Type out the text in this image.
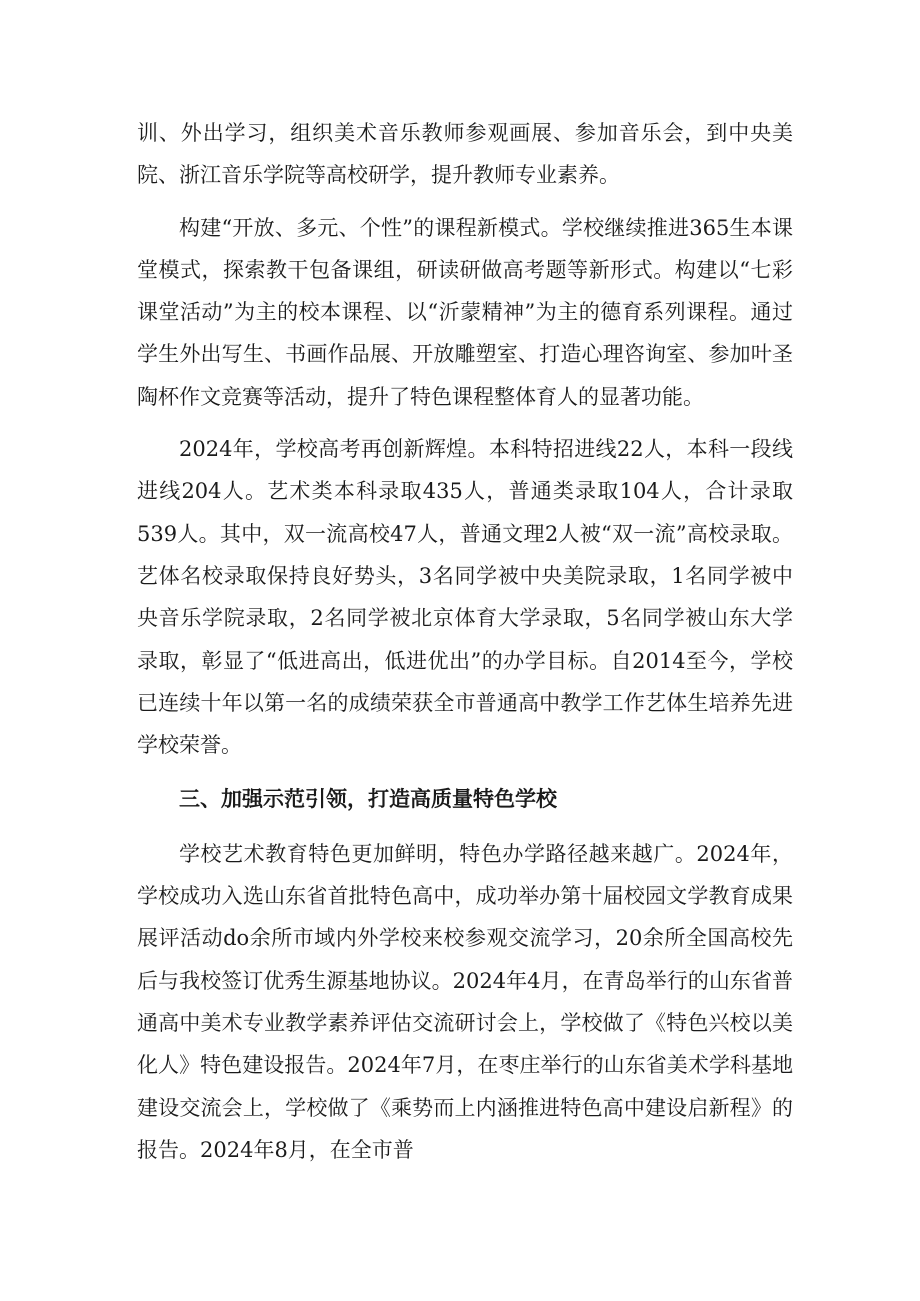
训、外出学习，组织美术音乐教师参观画展、参加音乐会，到中央美院、浙江音乐学院等高校研学，提升教师专业素养。

构建“开放、多元、个性”的课程新模式。学校继续推进365生本课堂模式，探索教干包备课组，研读研做高考题等新形式。构建以“七彩课堂活动”为主的校本课程、以“沂蒙精神”为主的德育系列课程。通过学生外出写生、书画作品展、开放雕塑室、打造心理咨询室、参加叶圣陶杯作文竞赛等活动，提升了特色课程整体育人的显著功能。

2024年，学校高考再创新辉煌。本科特招进线22人，本科一段线进线204人。艺术类本科录取435人，普通类录取104人，合计录取539人。其中，双一流高校47人，普通文理2人被“双一流”高校录取。艺体名校录取保持良好势头，3名同学被中央美院录取，1名同学被中央音乐学院录取，2名同学被北京体育大学录取，5名同学被山东大学录取，彰显了“低进高出，低进优出”的办学目标。自2014至今，学校已连续十年以第一名的成绩荣获全市普通高中教学工作艺体生培养先进学校荣誉。

三、加强示范引领，打造高质量特色学校

学校艺术教育特色更加鲜明，特色办学路径越来越广。2024年，学校成功入选山东省首批特色高中，成功举办第十届校园文学教育成果展评活动do余所市域内外学校来校参观交流学习，20余所全国高校先后与我校签订优秀生源基地协议。2024年4月，在青岛举行的山东省普通高中美术专业教学素养评估交流研讨会上，学校做了《特色兴校以美化人》特色建设报告。2024年7月，在枣庄举行的山东省美术学科基地建设交流会上，学校做了《乘势而上内涵推进特色高中建设启新程》的报告。2024年8月，在全市普
